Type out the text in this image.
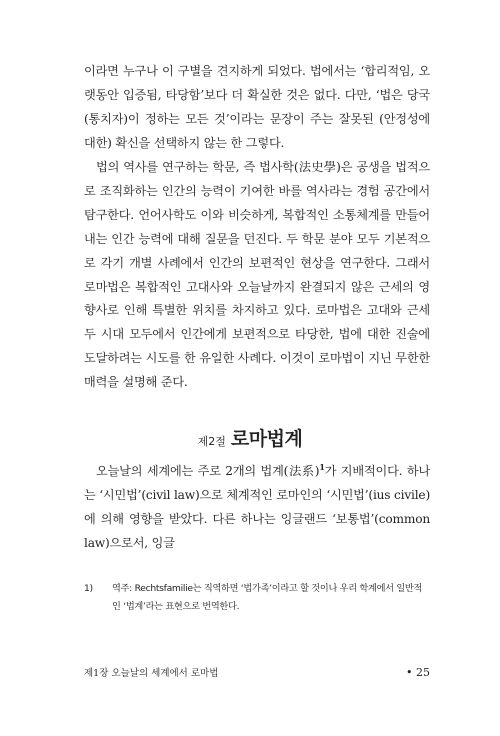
이라면 누구나 이 구별을 견지하게 되었다. 법에서는 ‘합리적임, 오랫동안 입증됨, 타당함’보다 더 확실한 것은 없다. 다만, ‘법은 당국(통치자)이 정하는 모든 것’이라는 문장이 주는 잘못된 (안정성에 대한) 확신을 선택하지 않는 한 그렇다.

법의 역사를 연구하는 학문, 즉 법사학(法史學)은 공생을 법적으로 조직화하는 인간의 능력이 기여한 바를 역사라는 경험 공간에서 탐구한다. 언어사학도 이와 비슷하게, 복합적인 소통체계를 만들어 내는 인간 능력에 대해 질문을 던진다. 두 학문 분야 모두 기본적으로 각기 개별 사례에서 인간의 보편적인 현상을 연구한다. 그래서 로마법은 복합적인 고대사와 오늘날까지 완결되지 않은 근세의 영향사로 인해 특별한 위치를 차지하고 있다. 로마법은 고대와 근세 두 시대 모두에서 인간에게 보편적으로 타당한, 법에 대한 진술에 도달하려는 시도를 한 유일한 사례다. 이것이 로마법이 지닌 무한한 매력을 설명해 준다.

제2절 로마법계

오늘날의 세계에는 주로 2개의 법계(法系)$^1$가 지배적이다. 하나는 ‘시민법’(civil law)으로 체계적인 로마인의 ‘시민법’(ius civile)에 의해 영향을 받았다. 다른 하나는 잉글랜드 ‘보통법’(common law)으로서, 잉글

1)	역주: Rechtsfamilie는 직역하면 ‘법가족’이라고 할 것이나 우리 학계에서 일반적인 ‘법계’라는 표현으로 번역한다.
제1장 오늘날의 세계에서 로마법	• 25
